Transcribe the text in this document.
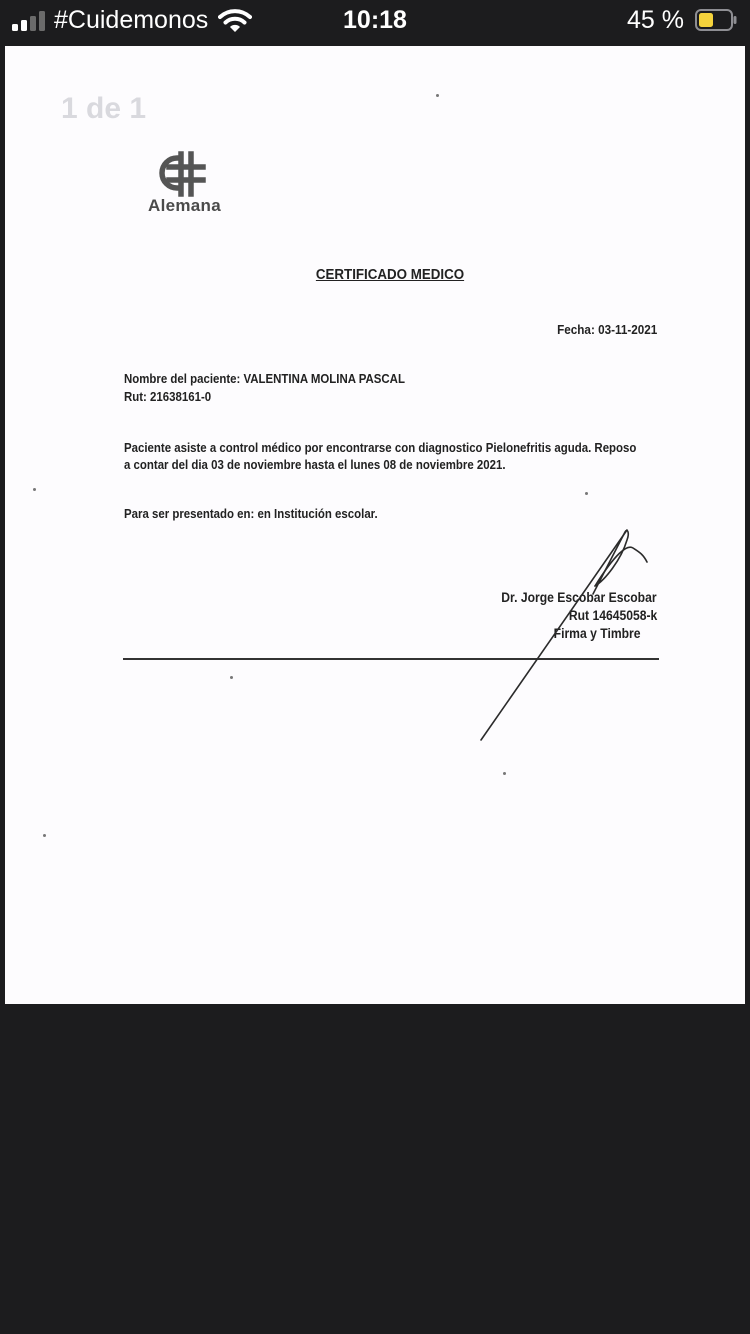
#Cuidemonos	10:18	45 %
1 de 1
Alemana
CERTIFICADO MEDICO
Fecha: 03-11-2021
Nombre del paciente: VALENTINA MOLINA PASCAL
Rut: 21638161-0
Paciente asiste a control médico por encontrarse con diagnostico Pielonefritis aguda. Reposo
a contar del dia 03 de noviembre hasta el lunes 08 de noviembre 2021.
Para ser presentado en: en Institución escolar.
Dr. Jorge Escobar Escobar
Rut 14645058-k
Firma y Timbre
